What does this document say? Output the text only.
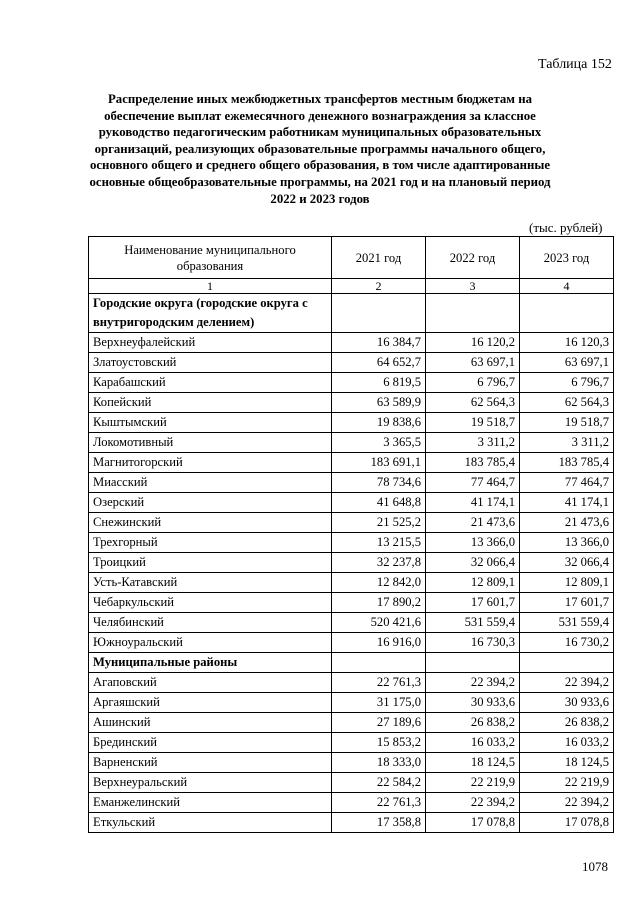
Таблица 152
Распределение иных межбюджетных трансфертов местным бюджетам на обеспечение выплат ежемесячного денежного вознаграждения за классное руководство педагогическим работникам муниципальных образовательных организаций, реализующих образовательные программы начального общего, основного общего и среднего общего образования, в том числе адаптированные основные общеобразовательные программы, на 2021 год и на плановый период 2022 и 2023 годов
(тыс. рублей)
Наименование муниципального образования	2021 год	2022 год	2023 год
1	2	3	4
Городские округа (городские округа с внутригородским делением)			
Верхнеуфалейский	16 384,7	16 120,2	16 120,3
Златоустовский	64 652,7	63 697,1	63 697,1
Карабашский	6 819,5	6 796,7	6 796,7
Копейский	63 589,9	62 564,3	62 564,3
Кыштымский	19 838,6	19 518,7	19 518,7
Локомотивный	3 365,5	3 311,2	3 311,2
Магнитогорский	183 691,1	183 785,4	183 785,4
Миасский	78 734,6	77 464,7	77 464,7
Озерский	41 648,8	41 174,1	41 174,1
Снежинский	21 525,2	21 473,6	21 473,6
Трехгорный	13 215,5	13 366,0	13 366,0
Троицкий	32 237,8	32 066,4	32 066,4
Усть-Катавский	12 842,0	12 809,1	12 809,1
Чебаркульский	17 890,2	17 601,7	17 601,7
Челябинский	520 421,6	531 559,4	531 559,4
Южноуральский	16 916,0	16 730,3	16 730,2
Муниципальные районы			
Агаповский	22 761,3	22 394,2	22 394,2
Аргаяшский	31 175,0	30 933,6	30 933,6
Ашинский	27 189,6	26 838,2	26 838,2
Брединский	15 853,2	16 033,2	16 033,2
Варненский	18 333,0	18 124,5	18 124,5
Верхнеуральский	22 584,2	22 219,9	22 219,9
Еманжелинский	22 761,3	22 394,2	22 394,2
Еткульский	17 358,8	17 078,8	17 078,8
1078
